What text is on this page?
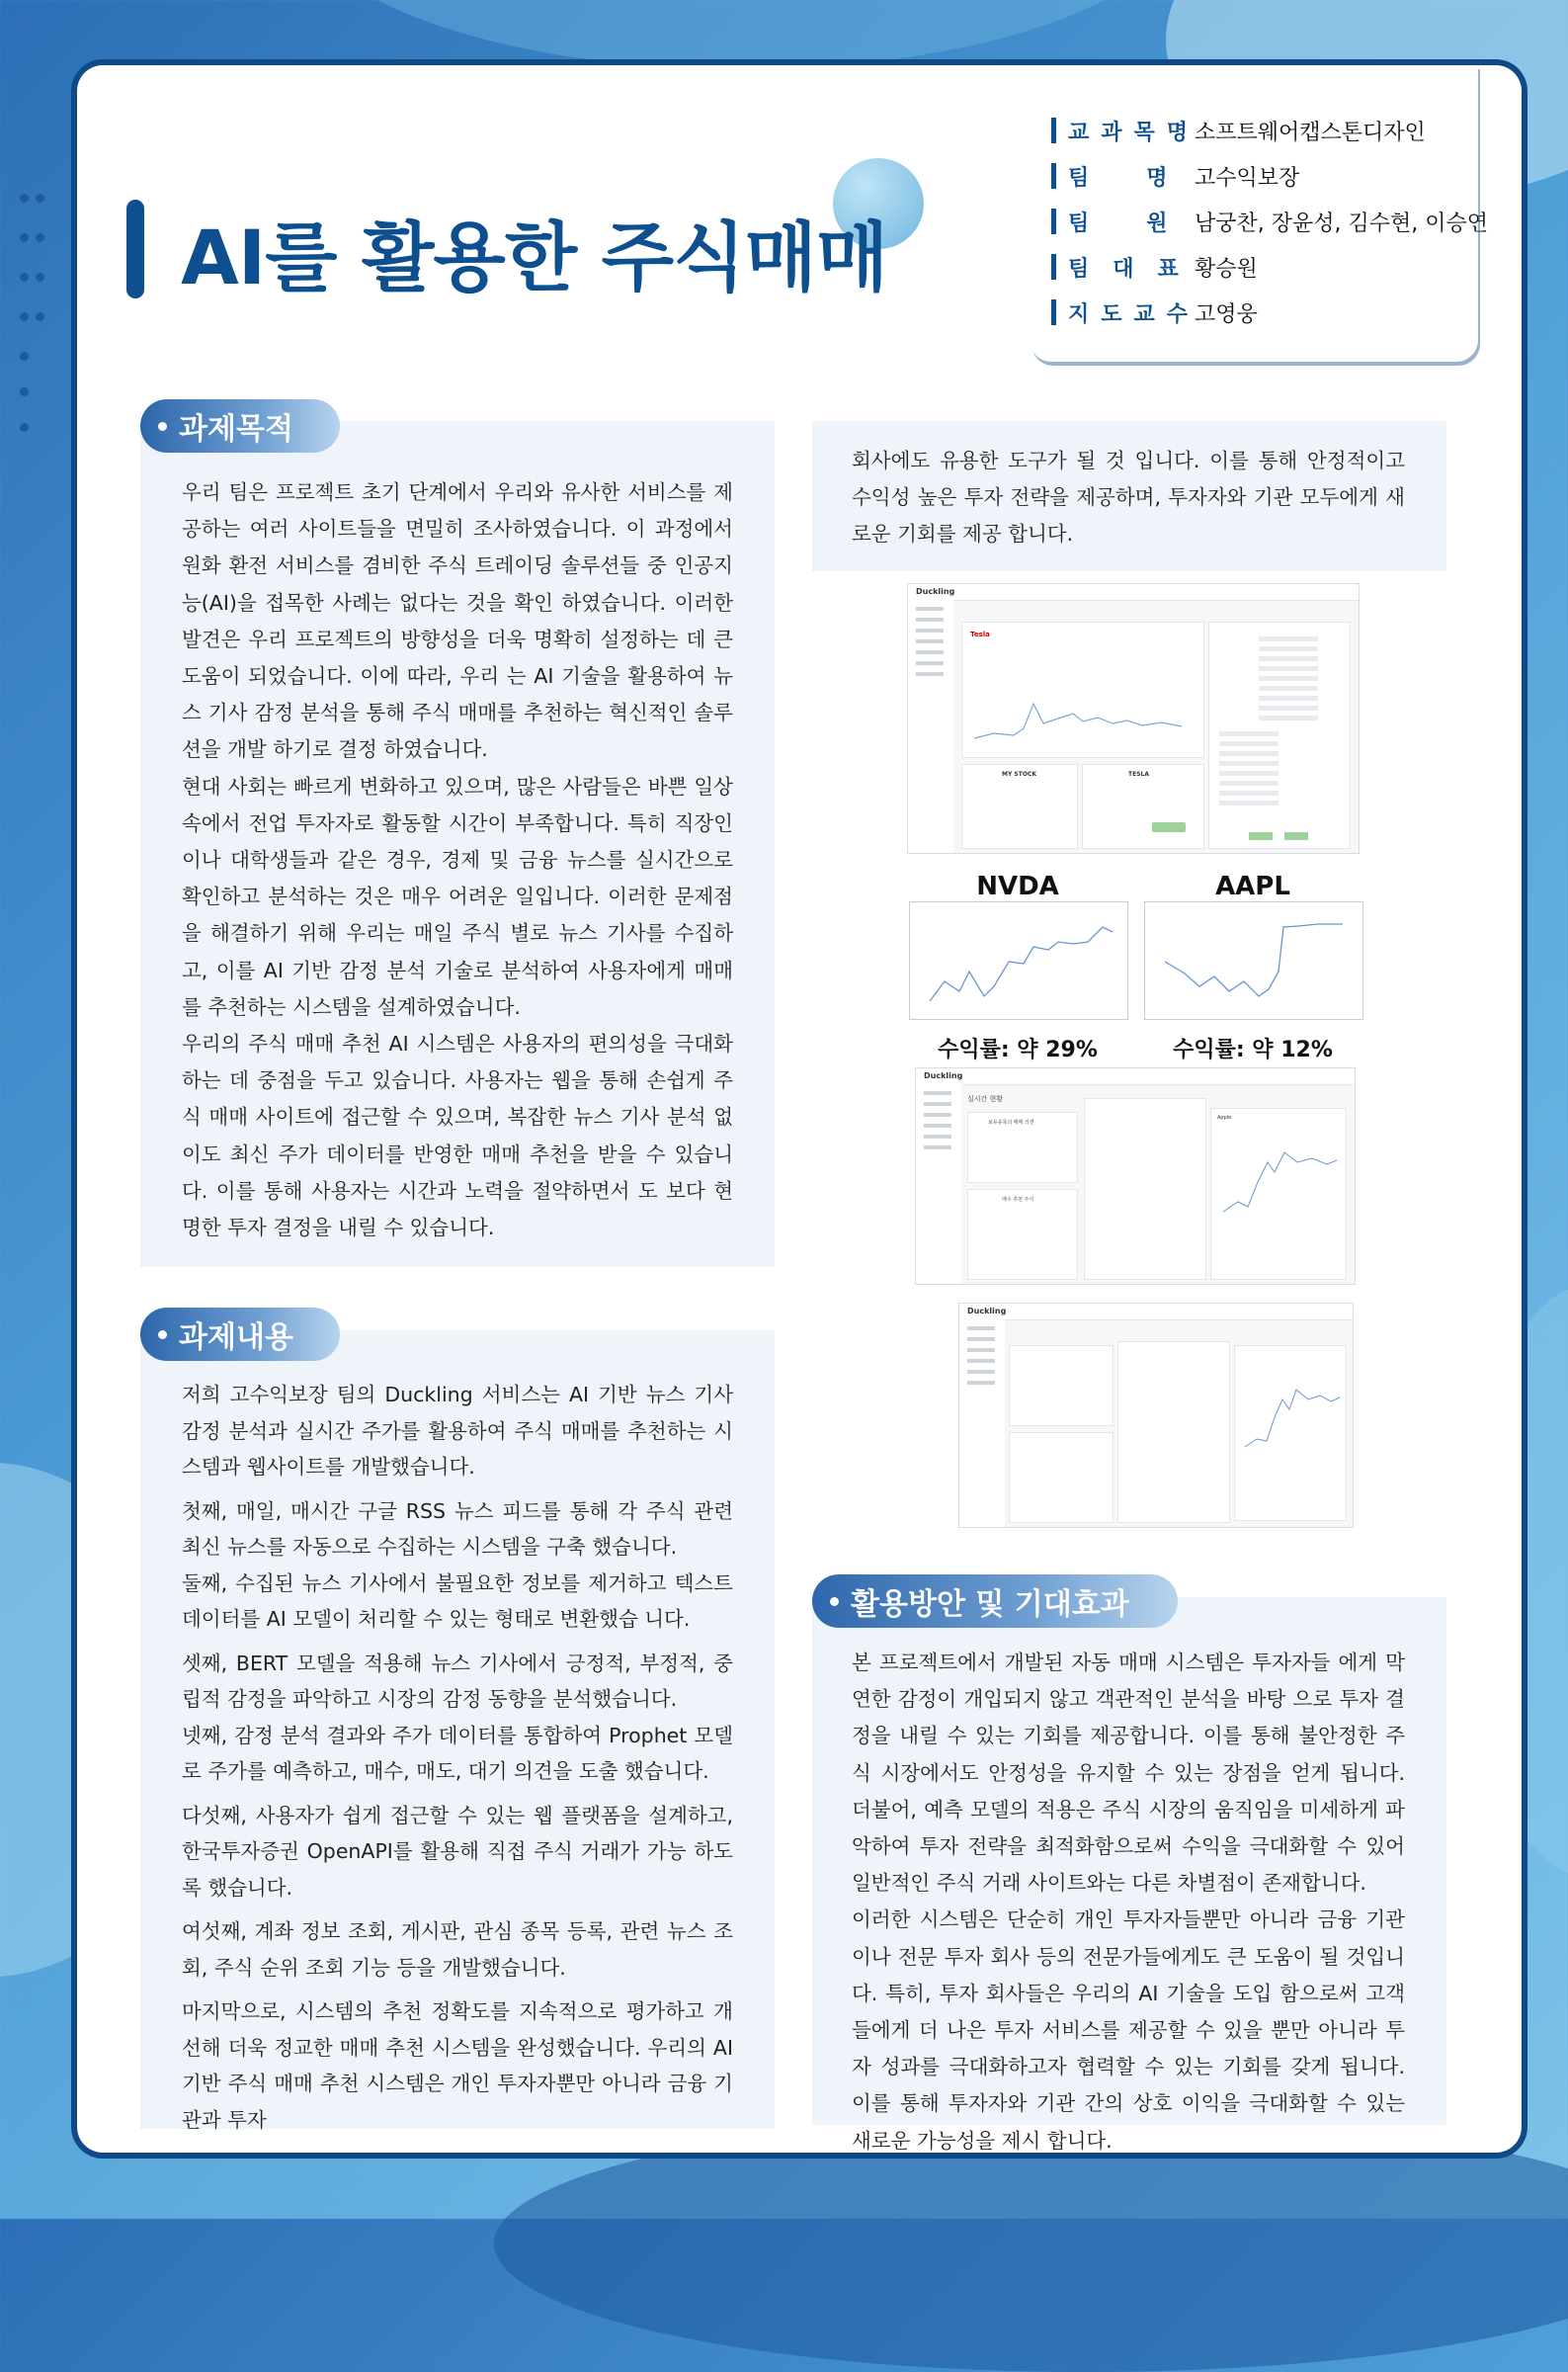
AI를 활용한 주식매매
교과목명
소프트웨어캡스톤디자인
팀명
고수익보장
팀원
남궁찬, 장윤성, 김수현, 이승연
팀대표
황승원
지도교수
고영웅
과제목적

우리 팀은 프로젝트 초기 단계에서 우리와 유사한 서비스를 제공하는 여러 사이트들을 면밀히 조사하였습니다. 이 과정에서 원화 환전 서비스를 겸비한 주식 트레이딩 솔루션들 중 인공지능(AI)을 접목한 사례는 없다는 것을 확인 하였습니다. 이러한 발견은 우리 프로젝트의 방향성을 더욱 명확히 설정하는 데 큰 도움이 되었습니다. 이에 따라, 우리 는 AI 기술을 활용하여 뉴스 기사 감정 분석을 통해 주식 매매를 추천하는 혁신적인 솔루션을 개발 하기로 결정 하였습니다.

현대 사회는 빠르게 변화하고 있으며, 많은 사람들은 바쁜 일상 속에서 전업 투자자로 활동할 시간이 부족합니다. 특히 직장인이나 대학생들과 같은 경우, 경제 및 금융 뉴스를 실시간으로 확인하고 분석하는 것은 매우 어려운 일입니다. 이러한 문제점을 해결하기 위해 우리는 매일 주식 별로 뉴스 기사를 수집하고, 이를 AI 기반 감정 분석 기술로 분석하여 사용자에게 매매를 추천하는 시스템을 설계하였습니다.

우리의 주식 매매 추천 AI 시스템은 사용자의 편의성을 극대화하는 데 중점을 두고 있습니다. 사용자는 웹을 통해 손쉽게 주식 매매 사이트에 접근할 수 있으며, 복잡한 뉴스 기사 분석 없이도 최신 주가 데이터를 반영한 매매 추천을 받을 수 있습니다. 이를 통해 사용자는 시간과 노력을 절약하면서 도 보다 현명한 투자 결정을 내릴 수 있습니다.

과제내용

저희 고수익보장 팀의 Duckling 서비스는 AI 기반 뉴스 기사 감정 분석과 실시간 주가를 활용하여 주식 매매를 추천하는 시스템과 웹사이트를 개발했습니다.

첫째, 매일, 매시간 구글 RSS 뉴스 피드를 통해 각 주식 관련 최신 뉴스를 자동으로 수집하는 시스템을 구축 했습니다.

둘째, 수집된 뉴스 기사에서 불필요한 정보를 제거하고 텍스트 데이터를 AI 모델이 처리할 수 있는 형태로 변환했습 니다.

셋째, BERT 모델을 적용해 뉴스 기사에서 긍정적, 부정적, 중립적 감정을 파악하고 시장의 감정 동향을 분석했습니다.

넷째, 감정 분석 결과와 주가 데이터를 통합하여 Prophet 모델로 주가를 예측하고, 매수, 매도, 대기 의견을 도출 했습니다.

다섯째, 사용자가 쉽게 접근할 수 있는 웹 플랫폼을 설계하고, 한국투자증권 OpenAPI를 활용해 직접 주식 거래가 가능 하도록 했습니다.

여섯째, 계좌 정보 조회, 게시판, 관심 종목 등록, 관련 뉴스 조회, 주식 순위 조회 기능 등을 개발했습니다.

마지막으로, 시스템의 추천 정확도를 지속적으로 평가하고 개선해 더욱 정교한 매매 추천 시스템을 완성했습니다. 우리의 AI 기반 주식 매매 추천 시스템은 개인 투자자뿐만 아니라 금융 기관과 투자

회사에도 유용한 도구가 될 것 입니다. 이를 통해 안정적이고 수익성 높은 투자 전략을 제공하며, 투자자와 기관 모두에게 새로운 기회를 제공 합니다.

Duckling
Tesla
MY STOCK	TESLA
NVDA	AAPL
수익률: 약 29%	수익률: 약 12%
Duckling
실시간 현황
보유종목의 매매 의견
매수 추천 주식
Apple
Duckling
활용방안 및 기대효과

본 프로젝트에서 개발된 자동 매매 시스템은 투자자들 에게 막연한 감정이 개입되지 않고 객관적인 분석을 바탕 으로 투자 결정을 내릴 수 있는 기회를 제공합니다. 이를 통해 불안정한 주식 시장에서도 안정성을 유지할 수 있는 장점을 얻게 됩니다. 더불어, 예측 모델의 적용은 주식 시장의 움직임을 미세하게 파악하여 투자 전략을 최적화함으로써 수익을 극대화할 수 있어 일반적인 주식 거래 사이트와는 다른 차별점이 존재합니다.

이러한 시스템은 단순히 개인 투자자들뿐만 아니라 금융 기관이나 전문 투자 회사 등의 전문가들에게도 큰 도움이 될 것입니다. 특히, 투자 회사들은 우리의 AI 기술을 도입 함으로써 고객들에게 더 나은 투자 서비스를 제공할 수 있을 뿐만 아니라 투자 성과를 극대화하고자 협력할 수 있는 기회를 갖게 됩니다. 이를 통해 투자자와 기관 간의 상호 이익을 극대화할 수 있는 새로운 가능성을 제시 합니다.
